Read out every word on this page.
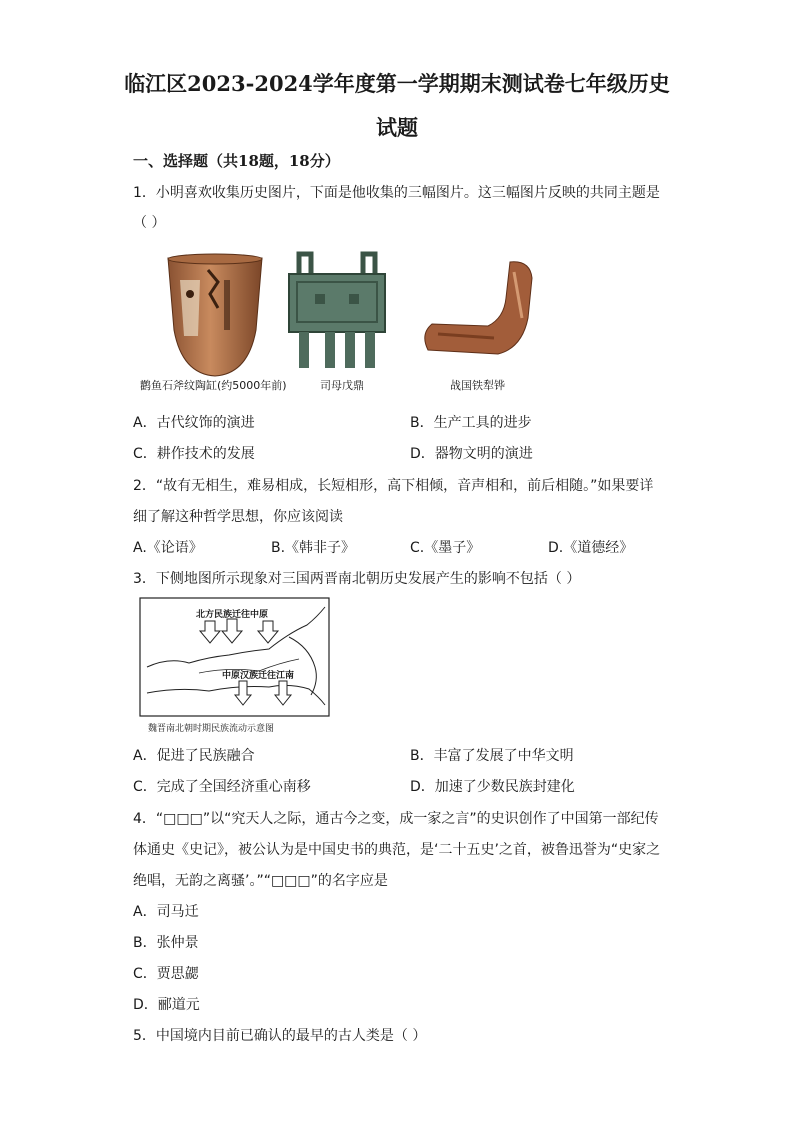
临江区2023-2024学年度第一学期期末测试卷七年级历史
试题
一、选择题（共18题，18分）
1．小明喜欢收集历史图片，下面是他收集的三幅图片。这三幅图片反映的共同主题是
（ ）
鹳鱼石斧纹陶缸(约5000年前)	司母戊鼎	战国铁犁铧
A．古代纹饰的演进	B．生产工具的进步
C．耕作技术的发展	D．器物文明的演进
2．“故有无相生，难易相成，长短相形，高下相倾，音声相和，前后相随。”如果要详
细了解这种哲学思想，你应该阅读
A.《论语》	B.《韩非子》	C.《墨子》	D.《道德经》
3．下侧地图所示现象对三国两晋南北朝历史发展产生的影响不包括（ ）
北方民族迁往中原
中原汉族迁往江南
魏晋南北朝时期民族流动示意图
A．促进了民族融合	B．丰富了发展了中华文明
C．完成了全国经济重心南移	D．加速了少数民族封建化
4．“□□□”以“究天人之际，通古今之变，成一家之言”的史识创作了中国第一部纪传
体通史《史记》，被公认为是中国史书的典范，是‘二十五史’之首，被鲁迅誉为“史家之
绝唱，无韵之离骚’。”“□□□”的名字应是
A．司马迁
B．张仲景
C．贾思勰
D．郦道元
5．中国境内目前已确认的最早的古人类是（ ）
